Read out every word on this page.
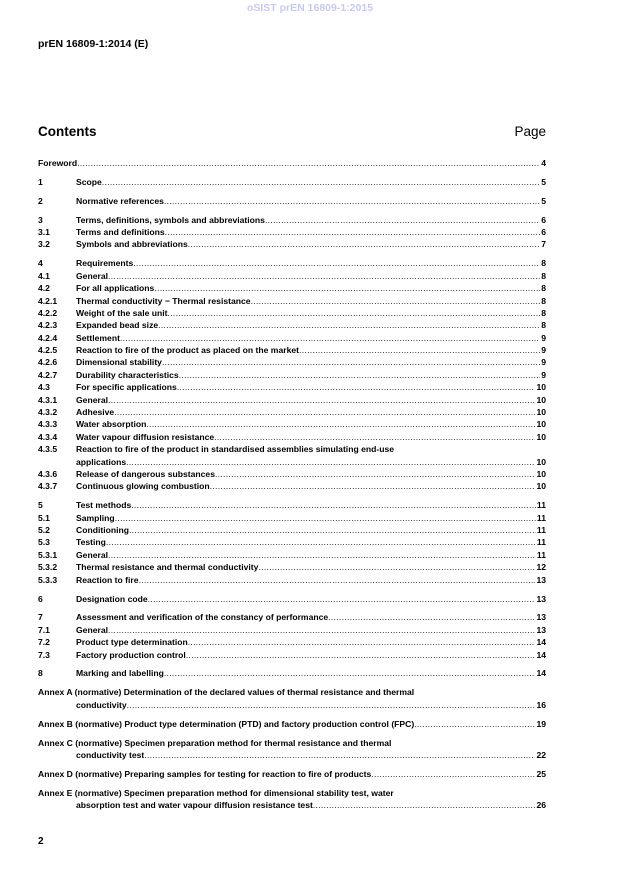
oSIST prEN 16809-1:2015
prEN 16809-1:2014 (E)
Contents	Page
Foreword .....	4
1	Scope .....	5
2	Normative references .....	5
3	Terms, definitions, symbols and abbreviations .....	6
3.1	Terms and definitions .....	6
3.2	Symbols and abbreviations .....	7
4	Requirements .....	8
4.1	General .....	8
4.2	For all applications .....	8
4.2.1	Thermal conductivity − Thermal resistance .....	8
4.2.2	Weight of the sale unit .....	8
4.2.3	Expanded bead size .....	8
4.2.4	Settlement .....	9
4.2.5	Reaction to fire of the product as placed on the market .....	9
4.2.6	Dimensional stability .....	9
4.2.7	Durability characteristics .....	9
4.3	For specific applications .....	10
4.3.1	General .....	10
4.3.2	Adhesive .....	10
4.3.3	Water absorption .....	10
4.3.4	Water vapour diffusion resistance .....	10
4.3.5	Reaction to fire of the product in standardised assemblies simulating end-use
applications .....	10
4.3.6	Release of dangerous substances .....	10
4.3.7	Continuous glowing combustion .....	10
5	Test methods .....	11
5.1	Sampling .....	11
5.2	Conditioning .....	11
5.3	Testing .....	11
5.3.1	General .....	11
5.3.2	Thermal resistance and thermal conductivity .....	12
5.3.3	Reaction to fire .....	13
6	Designation code .....	13
7	Assessment and verification of the constancy of performance .....	13
7.1	General .....	13
7.2	Product type determination .....	14
7.3	Factory production control .....	14
8	Marking and labelling .....	14
Annex A (normative) Determination of the declared values of thermal resistance and thermal
conductivity .....	16
Annex B (normative) Product type determination (PTD) and factory production control (FPC) .....	19
Annex C (normative) Specimen preparation method for thermal resistance and thermal
conductivity test .....	22
Annex D (normative) Preparing samples for testing for reaction to fire of products .....	25
Annex E (normative) Specimen preparation method for dimensional stability test, water
absorption test and water vapour diffusion resistance test .....	26
2
